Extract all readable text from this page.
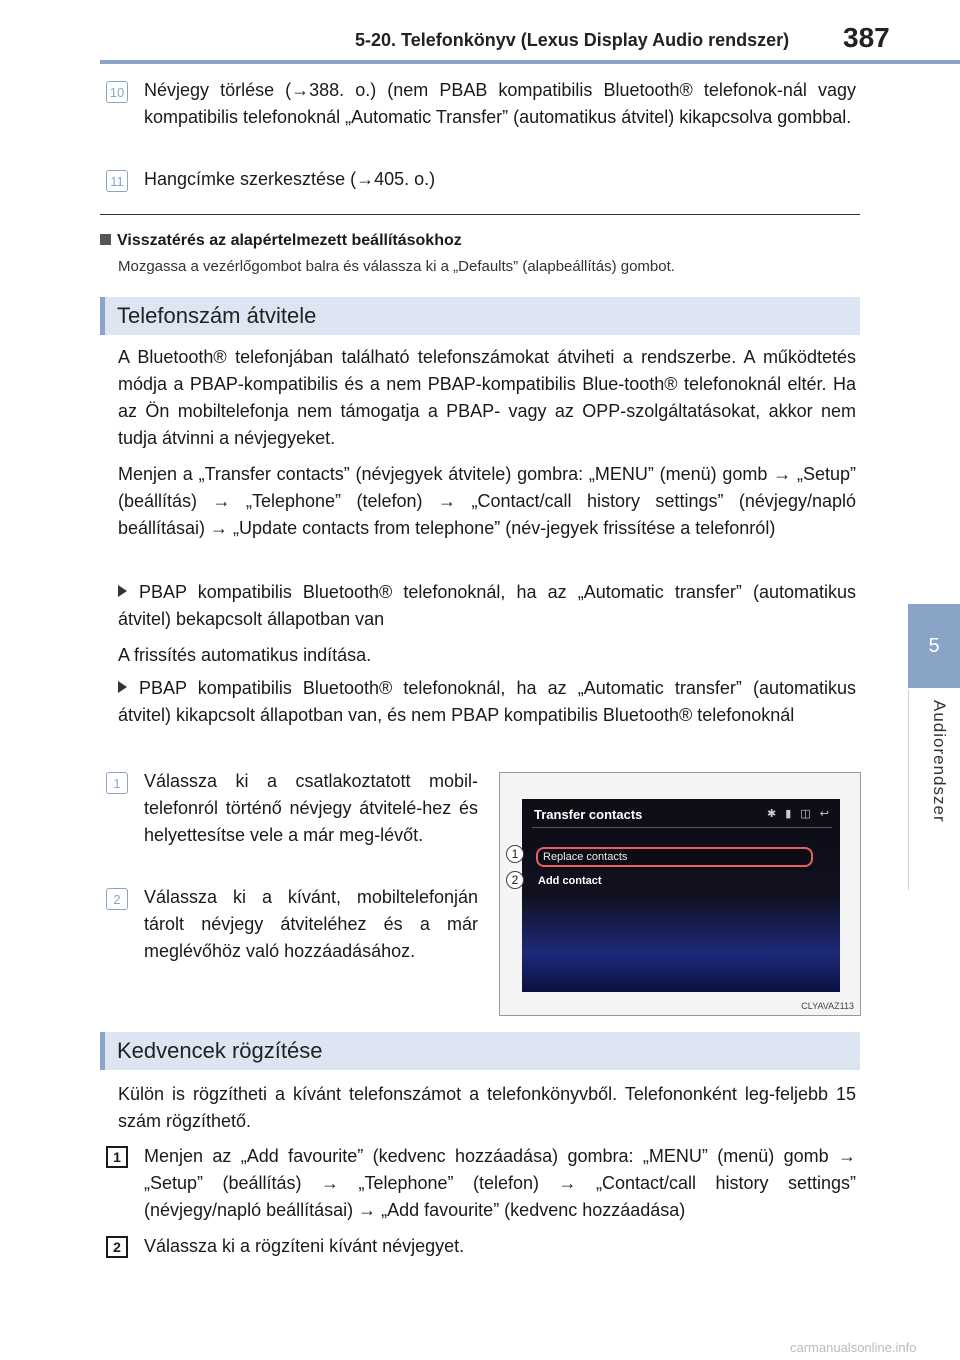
5-20. Telefonkönyv (Lexus Display Audio rendszer) 387
5
Audiorendszer
10 Névjegy törlése (→388. o.) (nem PBAB kompatibilis Bluetooth® telefonok-nál vagy kompatibilis telefonoknál „Automatic Transfer” (automatikus átvitel) kikapcsolva gombbal.
11 Hangcímke szerkesztése (→405. o.)
Visszatérés az alapértelmezett beállításokhoz
Mozgassa a vezérlőgombot balra és válassza ki a „Defaults” (alapbeállítás) gombot.
Telefonszám átvitele
A Bluetooth® telefonjában található telefonszámokat átviheti a rendszerbe. A működtetés módja a PBAP-kompatibilis és a nem PBAP-kompatibilis Blue-tooth® telefonoknál eltér. Ha az Ön mobiltelefonja nem támogatja a PBAP- vagy az OPP-szolgáltatásokat, akkor nem tudja átvinni a névjegyeket.
Menjen a „Transfer contacts” (névjegyek átvitele) gombra: „MENU” (menü) gomb → „Setup” (beállítás) → „Telephone” (telefon) → „Contact/call history settings” (névjegy/napló beállításai) → „Update contacts from telephone” (név-jegyek frissítése a telefonról)
PBAP kompatibilis Bluetooth® telefonoknál, ha az „Automatic transfer” (automatikus átvitel) bekapcsolt állapotban van
A frissítés automatikus indítása.
PBAP kompatibilis Bluetooth® telefonoknál, ha az „Automatic transfer” (automatikus átvitel) kikapcsolt állapotban van, és nem PBAP kompatibilis Bluetooth® telefonoknál
1	Válassza ki a csatlakoztatott mobil-telefonról történő névjegy átvitelé-hez és helyettesítse vele a már meg-lévőt.
2	Válassza ki a kívánt, mobiltelefonján tárolt névjegy átviteléhez és a már meglévőhöz való hozzáadásához.
Transfer contacts	✱ ▮ ◫ ↩
Replace contacts
Add contact
1
2
CLYAVAZ113
Kedvencek rögzítése
Külön is rögzítheti a kívánt telefonszámot a telefonkönyvből. Telefononként leg-feljebb 15 szám rögzíthető.
1	Menjen az „Add favourite” (kedvenc hozzáadása) gombra: „MENU” (menü) gomb → „Setup” (beállítás) → „Telephone” (telefon) → „Contact/call history settings” (névjegy/napló beállításai) → „Add favourite” (kedvenc hozzáadása)
2	Válassza ki a rögzíteni kívánt névjegyet.
carmanualsonline.info
